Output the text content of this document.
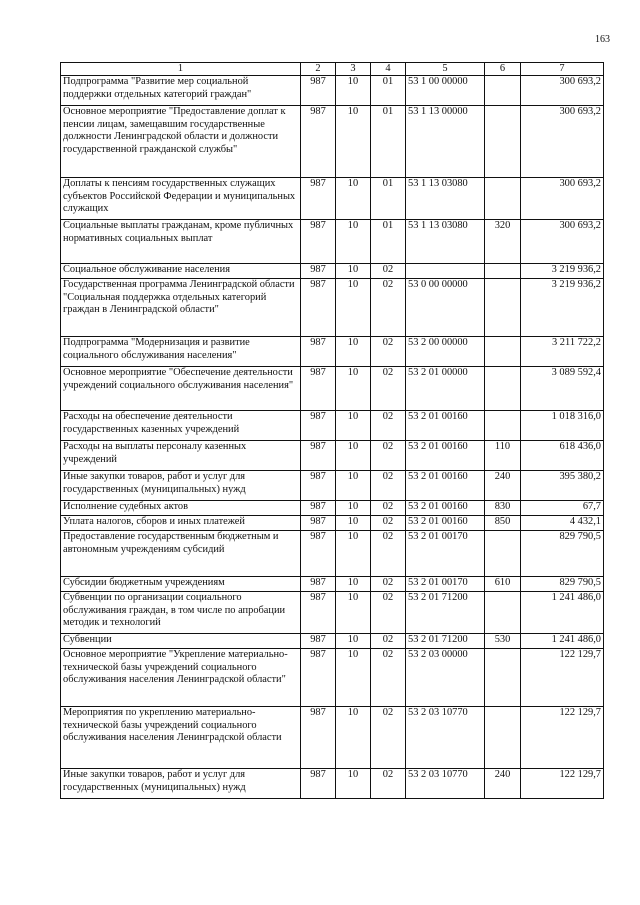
163
1	2	3	4	5	6	7
Подпрограмма "Развитие мер социальной поддержки отдельных категорий граждан"	987	10	01	53 1 00 00000		300 693,2
Основное мероприятие "Предоставление доплат к пенсии лицам, замещавшим государственные должности Ленинградской области и должности государственной гражданской службы"	987	10	01	53 1 13 00000		300 693,2
Доплаты к пенсиям государственных служащих субъектов Российской Федерации и муниципальных служащих	987	10	01	53 1 13 03080		300 693,2
Социальные выплаты гражданам, кроме публичных нормативных социальных выплат	987	10	01	53 1 13 03080	320	300 693,2
Социальное обслуживание населения	987	10	02			3 219 936,2
Государственная программа Ленинградской области "Социальная поддержка отдельных категорий граждан в Ленинградской области"	987	10	02	53 0 00 00000		3 219 936,2
Подпрограмма "Модернизация и развитие социального обслуживания населения"	987	10	02	53 2 00 00000		3 211 722,2
Основное мероприятие "Обеспечение деятельности учреждений социального обслуживания населения"	987	10	02	53 2 01 00000		3 089 592,4
Расходы на обеспечение деятельности государственных казенных учреждений	987	10	02	53 2 01 00160		1 018 316,0
Расходы на выплаты персоналу казенных учреждений	987	10	02	53 2 01 00160	110	618 436,0
Иные закупки товаров, работ и услуг для государственных (муниципальных) нужд	987	10	02	53 2 01 00160	240	395 380,2
Исполнение судебных актов	987	10	02	53 2 01 00160	830	67,7
Уплата налогов, сборов и иных платежей	987	10	02	53 2 01 00160	850	4 432,1
Предоставление государственным бюджетным и автономным учреждениям субсидий	987	10	02	53 2 01 00170		829 790,5
Субсидии бюджетным учреждениям	987	10	02	53 2 01 00170	610	829 790,5
Субвенции по организации социального обслуживания граждан, в том числе по апробации методик и технологий	987	10	02	53 2 01 71200		1 241 486,0
Субвенции	987	10	02	53 2 01 71200	530	1 241 486,0
Основное мероприятие "Укрепление материально- технической базы учреждений социального обслуживания населения Ленинградской области"	987	10	02	53 2 03 00000		122 129,7
Мероприятия по укреплению материально-технической базы учреждений социального обслуживания населения Ленинградской области	987	10	02	53 2 03 10770		122 129,7
Иные закупки товаров, работ и услуг для государственных (муниципальных) нужд	987	10	02	53 2 03 10770	240	122 129,7
